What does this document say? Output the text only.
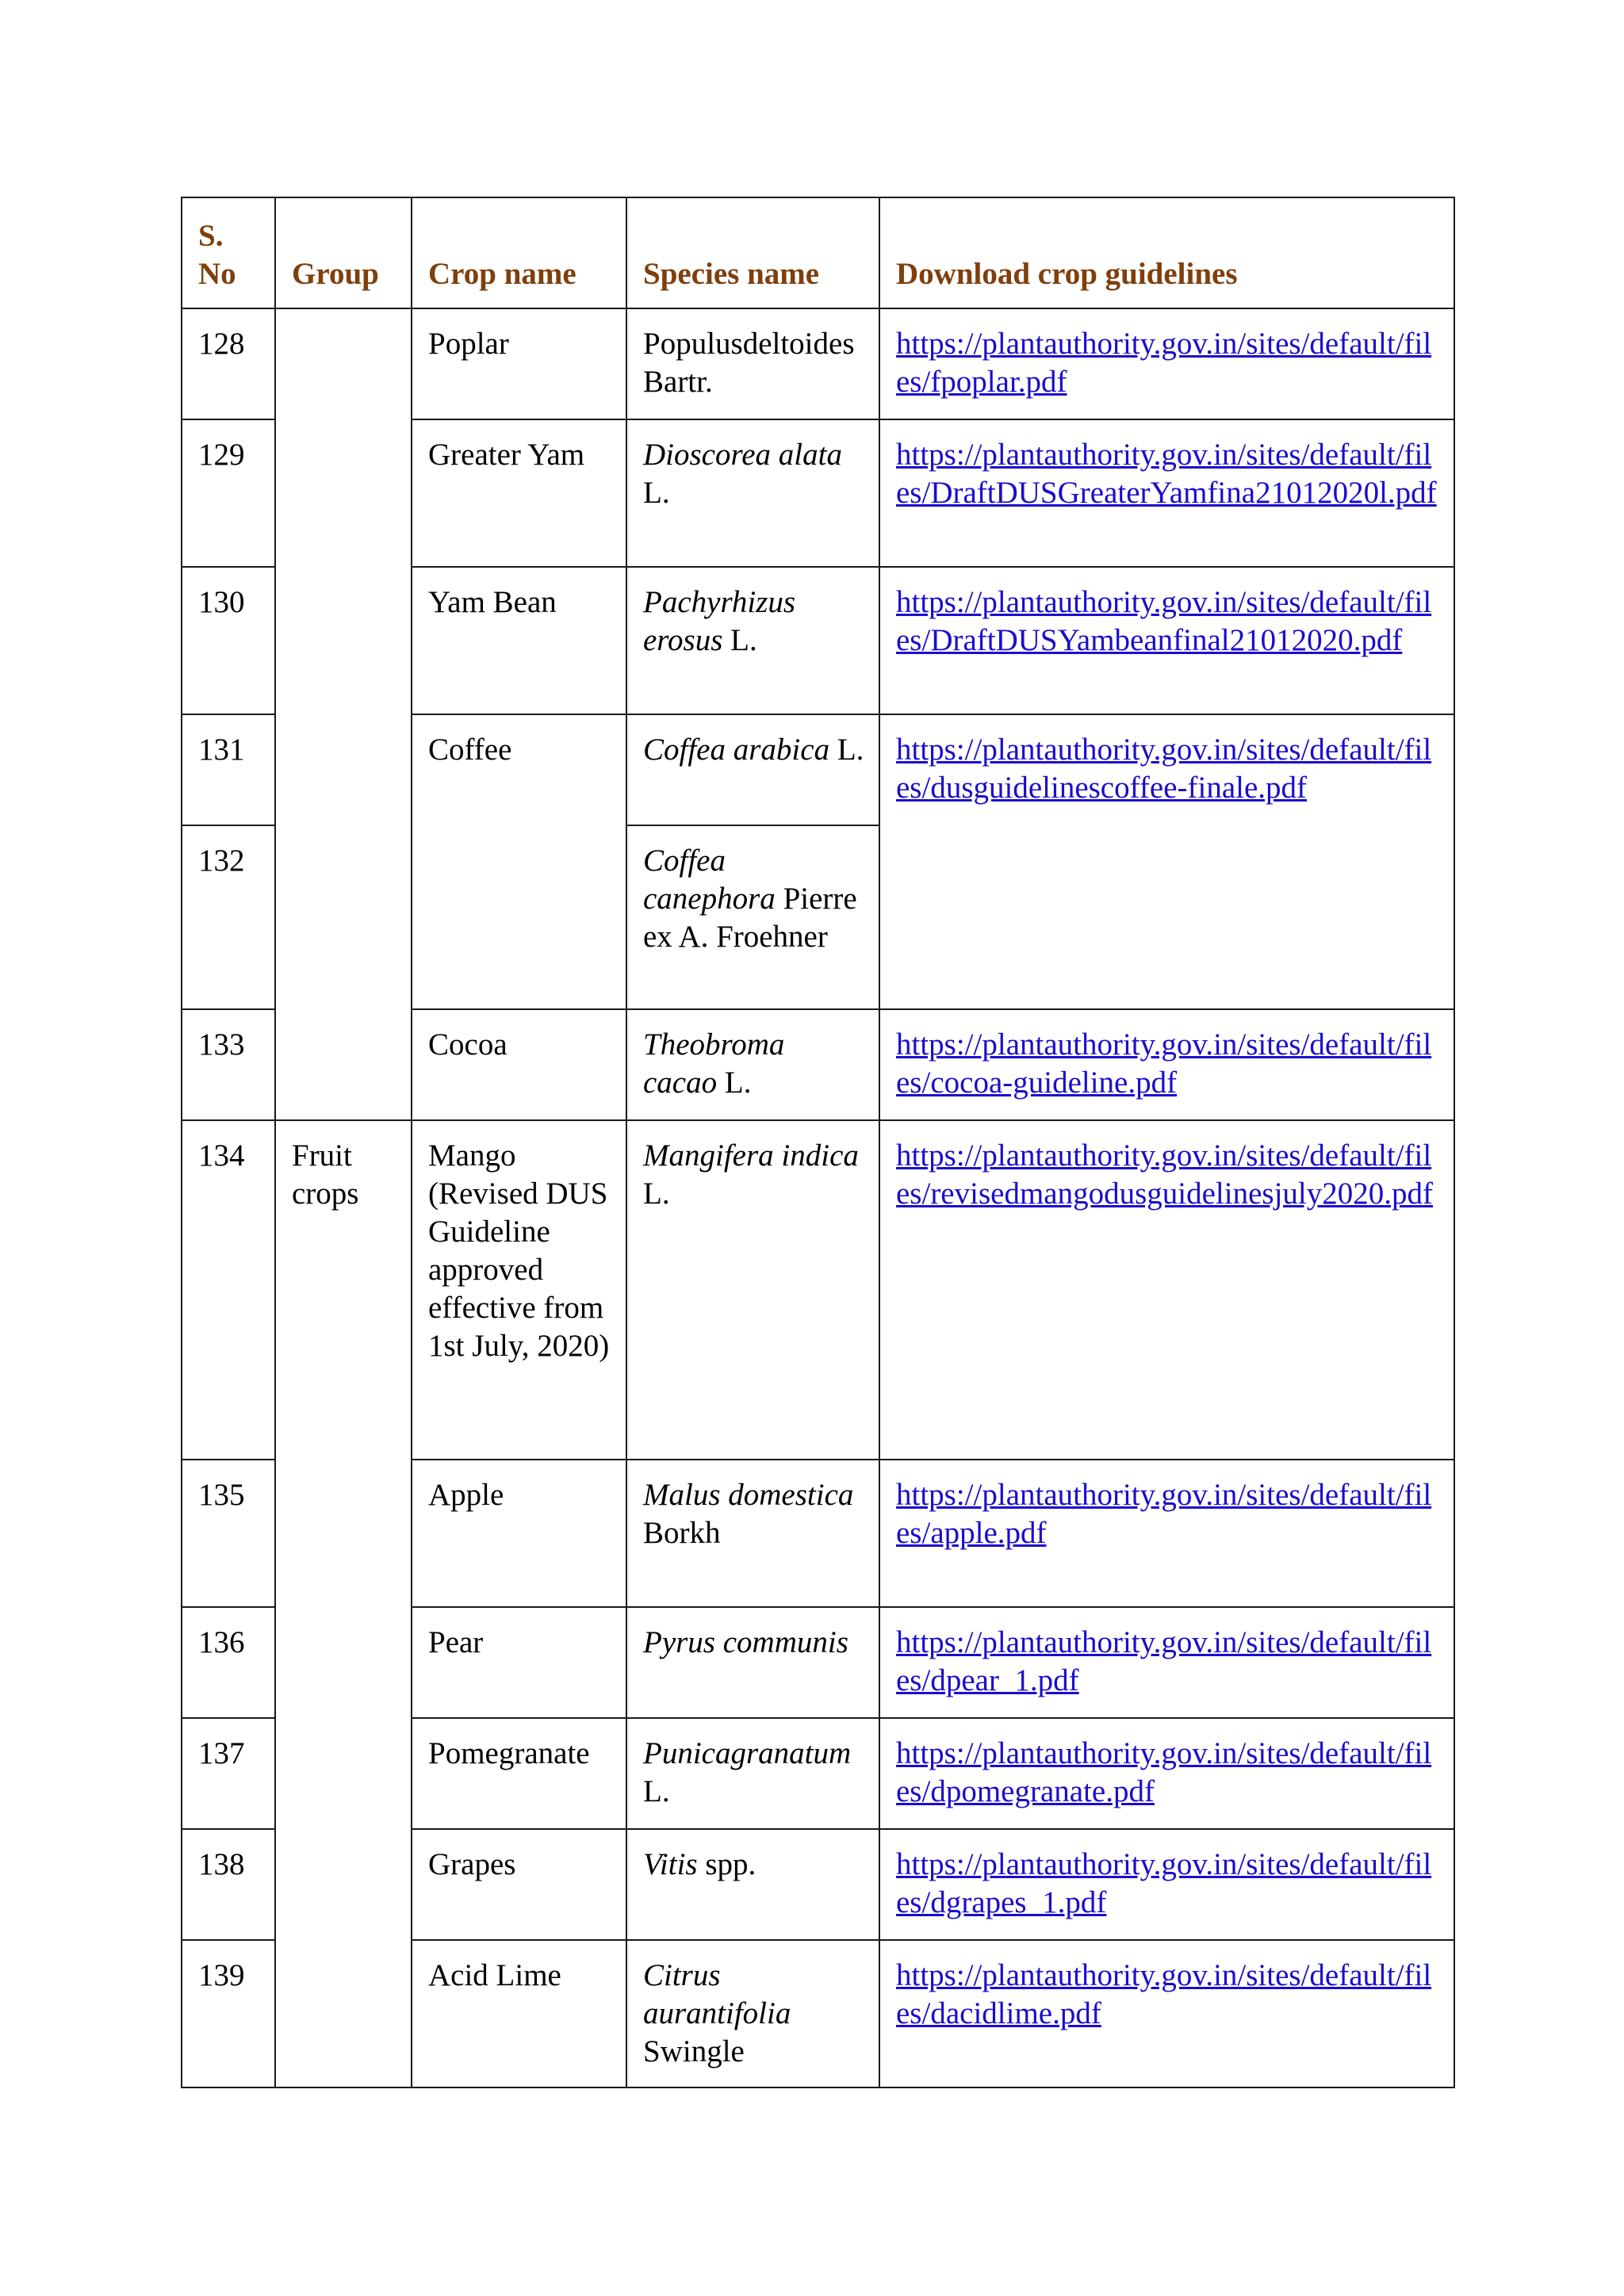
S. No	Group	Crop name	Species name	Download crop guidelines
128		Poplar	Populusdeltoides Bartr.	https://plantauthority.gov.in/sites/default/files/fpoplar.pdf
129		Greater Yam	Dioscorea alata L.	https://plantauthority.gov.in/sites/default/files/DraftDUSGreaterYamfina21012020l.pdf
130		Yam Bean	Pachyrhizus erosus L.	https://plantauthority.gov.in/sites/default/files/DraftDUSYambeanfinal21012020.pdf
131		Coffee	Coffea arabica L.	https://plantauthority.gov.in/sites/default/files/dusguidelinescoffee-finale.pdf
132			Coffea canephora Pierre ex A. Froehner	
133		Cocoa	Theobroma cacao L.	https://plantauthority.gov.in/sites/default/files/cocoa-guideline.pdf
134	Fruit crops	Mango (Revised DUS Guideline approved effective from 1st July, 2020)	Mangifera indica L.	https://plantauthority.gov.in/sites/default/files/revisedmangodusguidelinesjuly2020.pdf
135		Apple	Malus domestica Borkh	https://plantauthority.gov.in/sites/default/files/apple.pdf
136		Pear	Pyrus communis	https://plantauthority.gov.in/sites/default/files/dpear_1.pdf
137		Pomegranate	Punicagranatum L.	https://plantauthority.gov.in/sites/default/files/dpomegranate.pdf
138		Grapes	Vitis spp.	https://plantauthority.gov.in/sites/default/files/dgrapes_1.pdf
139		Acid Lime	Citrus aurantifolia Swingle	https://plantauthority.gov.in/sites/default/files/dacidlime.pdf
